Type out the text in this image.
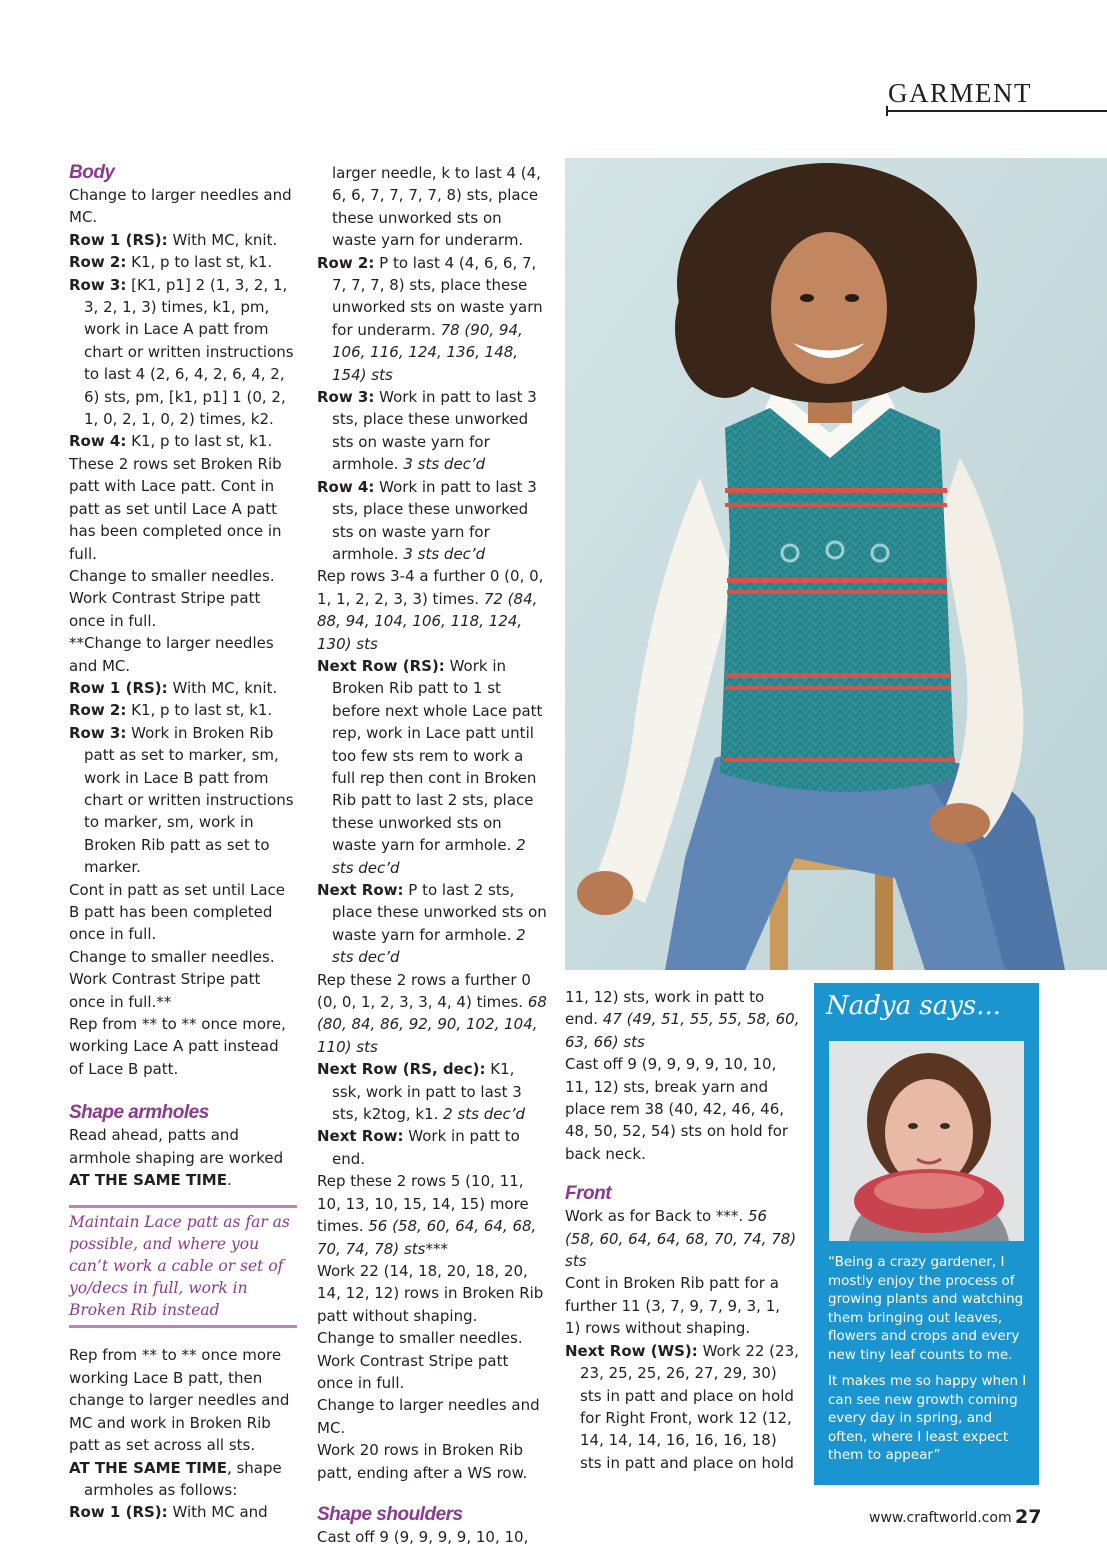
GARMENT
Body

Change to larger needles and MC.

Row 1 (RS): With MC, knit.

Row 2: K1, p to last st, k1.

Row 3: [K1, p1] 2 (1, 3, 2, 1, 3, 2, 1, 3) times, k1, pm, work in Lace A patt from chart or written instructions to last 4 (2, 6, 4, 2, 6, 4, 2, 6) sts, pm, [k1, p1] 1 (0, 2, 1, 0, 2, 1, 0, 2) times, k2.

Row 4: K1, p to last st, k1.

These 2 rows set Broken Rib patt with Lace patt. Cont in patt as set until Lace A patt has been completed once in full.

Change to smaller needles.

Work Contrast Stripe patt once in full.

**Change to larger needles and MC.

Row 1 (RS): With MC, knit.

Row 2: K1, p to last st, k1.

Row 3: Work in Broken Rib patt as set to marker, sm, work in Lace B patt from chart or written instructions to marker, sm, work in Broken Rib patt as set to marker.

Cont in patt as set until Lace B patt has been completed once in full.

Change to smaller needles.

Work Contrast Stripe patt once in full.**

Rep from ** to ** once more, working Lace A patt instead of Lace B patt.

Shape armholes

Read ahead, patts and armhole shaping are worked AT THE SAME TIME.

Maintain Lace patt as far as possible, and where you can’t work a cable or set of yo/decs in full, work in Broken Rib instead

Rep from ** to ** once more working Lace B patt, then change to larger needles and MC and work in Broken Rib patt as set across all sts.

AT THE SAME TIME, shape armholes as follows:

Row 1 (RS): With MC and

larger needle, k to last 4 (4, 6, 6, 7, 7, 7, 7, 8) sts, place these unworked sts on waste yarn for underarm.

Row 2: P to last 4 (4, 6, 6, 7, 7, 7, 7, 8) sts, place these unworked sts on waste yarn for underarm. 78 (90, 94, 106, 116, 124, 136, 148, 154) sts

Row 3: Work in patt to last 3 sts, place these unworked sts on waste yarn for armhole. 3 sts dec’d

Row 4: Work in patt to last 3 sts, place these unworked sts on waste yarn for armhole. 3 sts dec’d

Rep rows 3-4 a further 0 (0, 0, 1, 1, 2, 2, 3, 3) times. 72 (84, 88, 94, 104, 106, 118, 124, 130) sts

Next Row (RS): Work in Broken Rib patt to 1 st before next whole Lace patt rep, work in Lace patt until too few sts rem to work a full rep then cont in Broken Rib patt to last 2 sts, place these unworked sts on waste yarn for armhole. 2 sts dec’d

Next Row: P to last 2 sts, place these unworked sts on waste yarn for armhole. 2 sts dec’d

Rep these 2 rows a further 0 (0, 0, 1, 2, 3, 3, 4, 4) times. 68 (80, 84, 86, 92, 90, 102, 104, 110) sts

Next Row (RS, dec): K1, ssk, work in patt to last 3 sts, k2tog, k1. 2 sts dec’d

Next Row: Work in patt to end.

Rep these 2 rows 5 (10, 11, 10, 13, 10, 15, 14, 15) more times. 56 (58, 60, 64, 64, 68, 70, 74, 78) sts***

Work 22 (14, 18, 20, 18, 20, 14, 12, 12) rows in Broken Rib patt without shaping.

Change to smaller needles.

Work Contrast Stripe patt once in full.

Change to larger needles and MC.

Work 20 rows in Broken Rib patt, ending after a WS row.

Shape shoulders

Cast off 9 (9, 9, 9, 9, 10, 10,

11, 12) sts, work in patt to end. 47 (49, 51, 55, 55, 58, 60, 63, 66) sts

Cast off 9 (9, 9, 9, 9, 10, 10, 11, 12) sts, break yarn and place rem 38 (40, 42, 46, 46, 48, 50, 52, 54) sts on hold for back neck.

Front

Work as for Back to ***. 56 (58, 60, 64, 64, 68, 70, 74, 78) sts

Cont in Broken Rib patt for a further 11 (3, 7, 9, 7, 9, 3, 1, 1) rows without shaping.

Next Row (WS): Work 22 (23, 23, 25, 25, 26, 27, 29, 30) sts in patt and place on hold for Right Front, work 12 (12, 14, 14, 14, 16, 16, 16, 18) sts in patt and place on hold

Nadya says...

“Being a crazy gardener, I mostly enjoy the process of growing plants and watching them bringing out leaves, flowers and crops and every new tiny leaf counts to me.

It makes me so happy when I can see new growth coming every day in spring, and often, where I least expect them to appear”

www.craftworld.com 27
